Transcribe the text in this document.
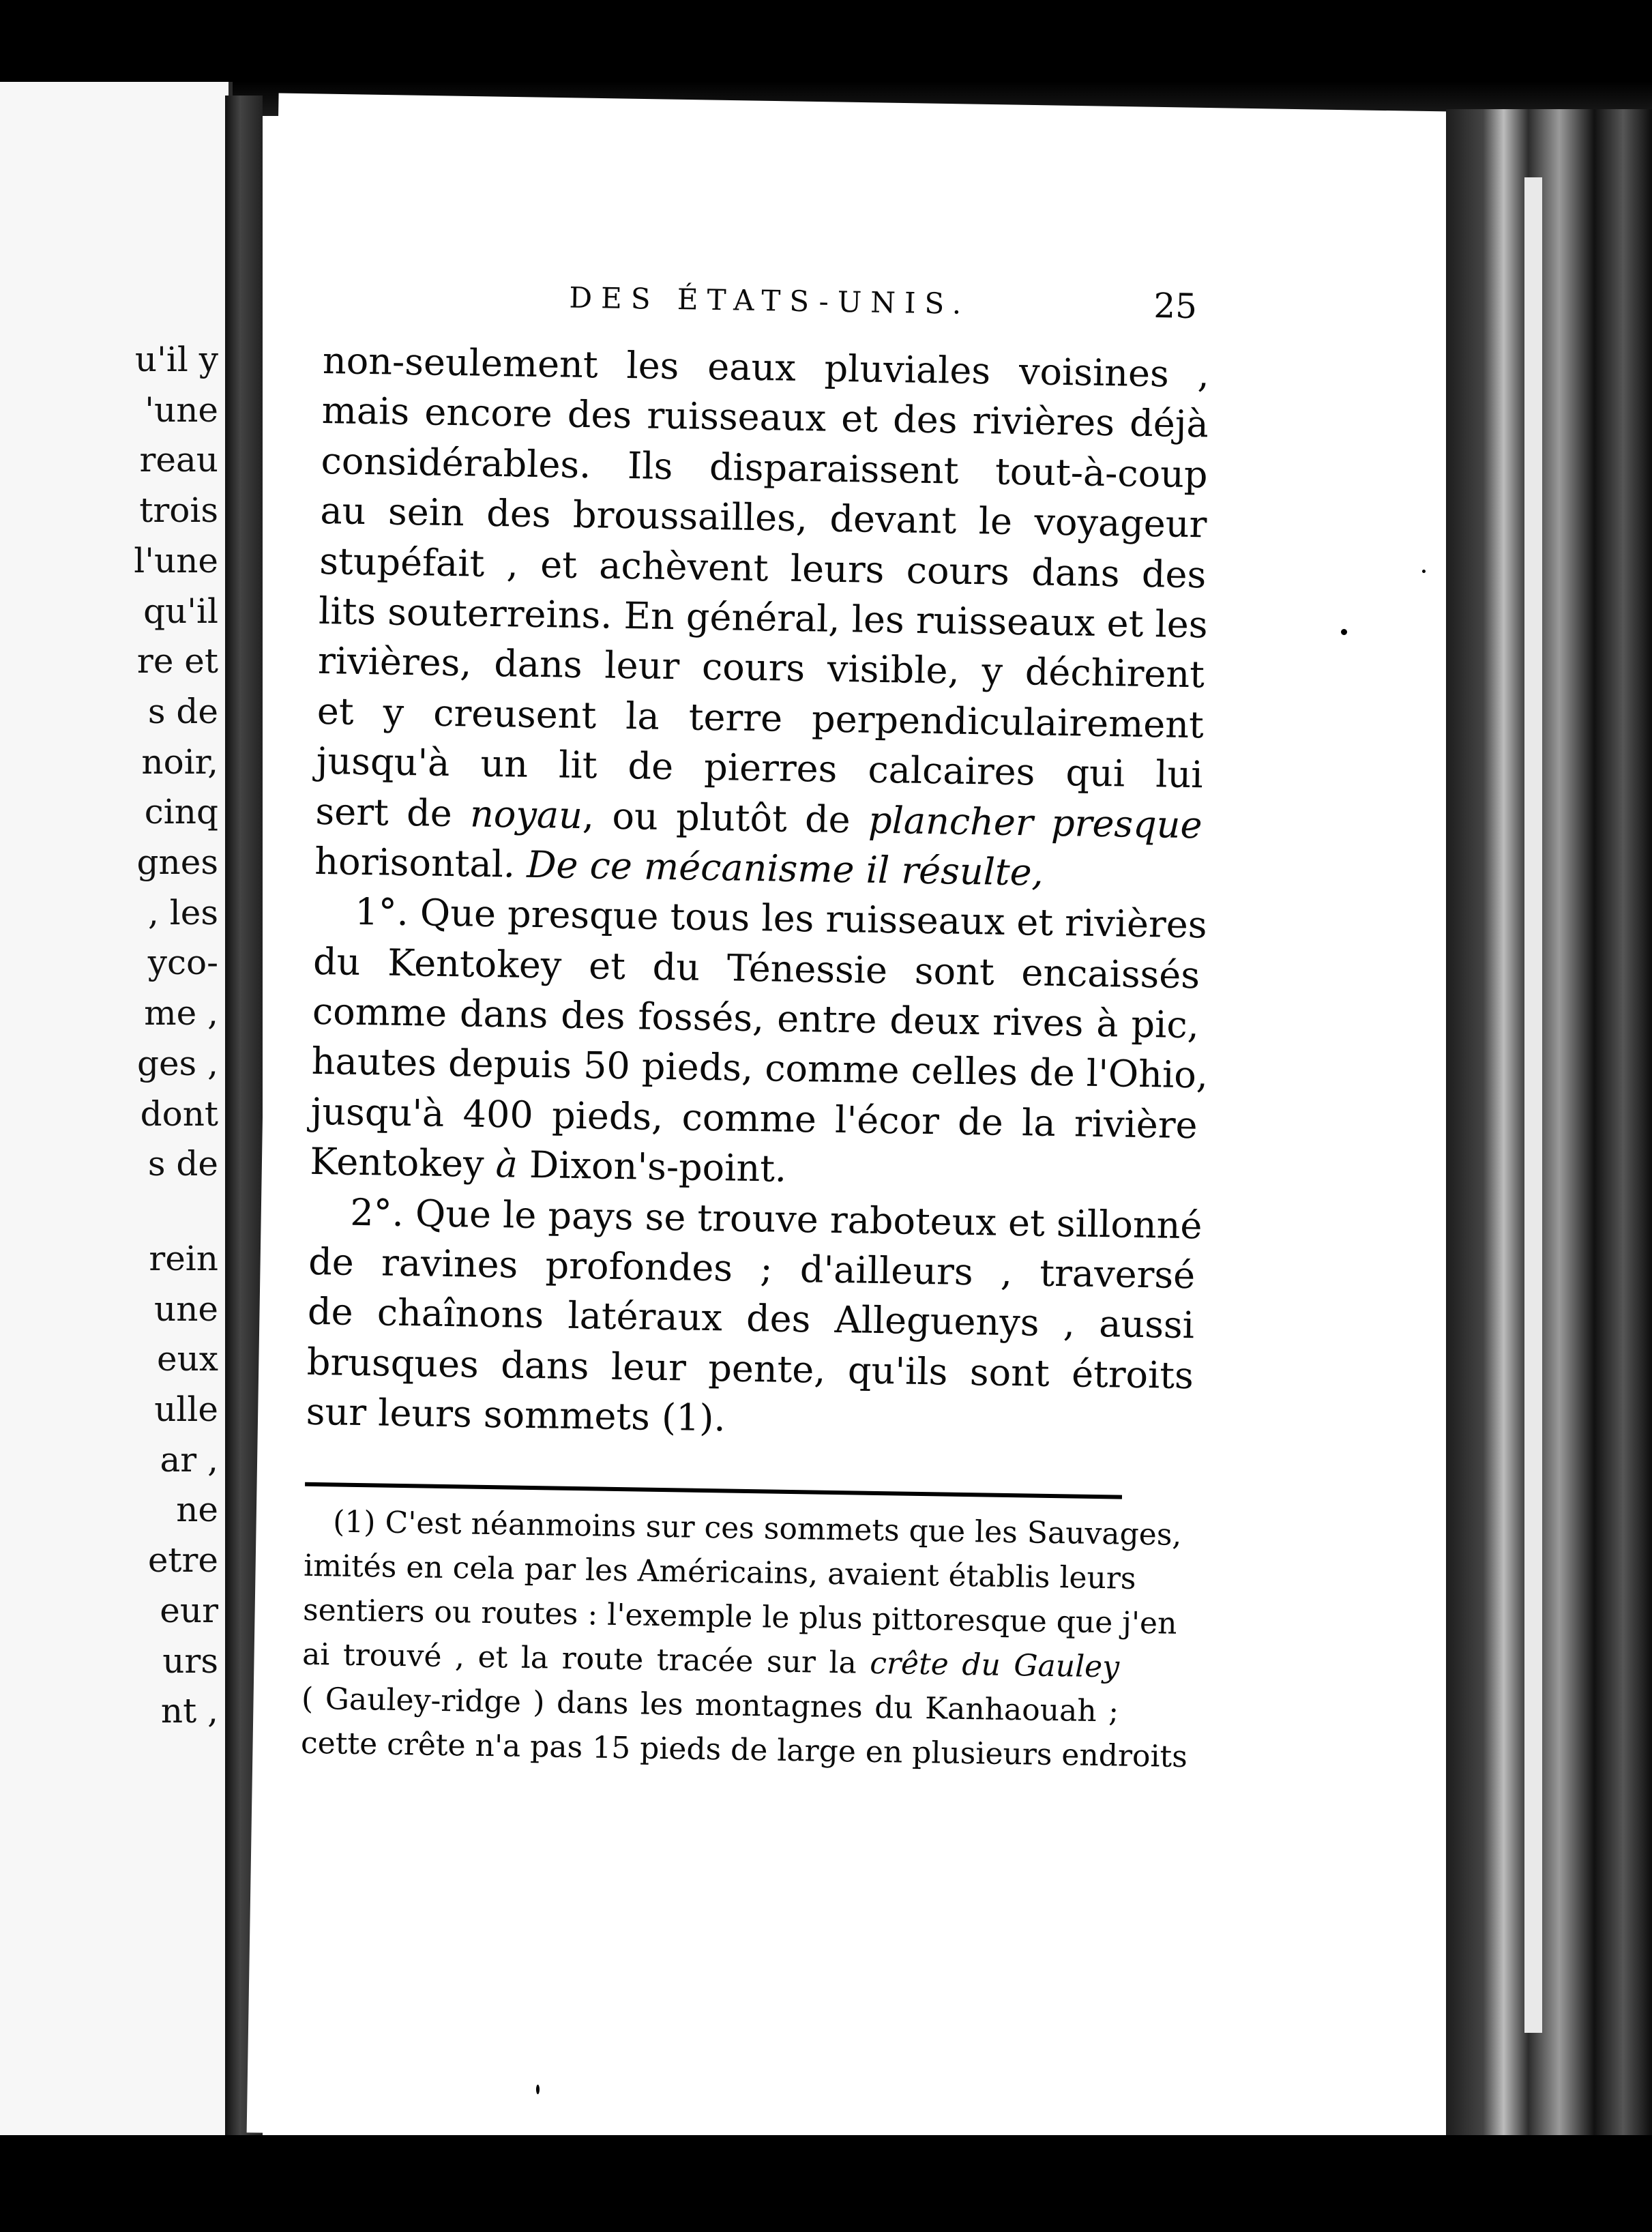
u'il y
'une
reau
trois
l'une
qu'il
re et
s de
noir,
cinq
gnes
, les
yco-
me ,
ges ,
dont
s de
rein
une
eux
ulle
ar ,
ne
etre
eur
urs
nt ,
DES ÉTATS-UNIS.	25
non-seulement les eaux pluviales voisines ,
mais encore des ruisseaux et des rivières déjà
considérables. Ils disparaissent tout-à-coup
au sein des broussailles, devant le voyageur
stupéfait , et achèvent leurs cours dans des
lits souterreins. En général, les ruisseaux et les
rivières, dans leur cours visible, y déchirent
et y creusent la terre perpendiculairement
jusqu'à un lit de pierres calcaires qui lui
sert de noyau, ou plutôt de plancher presque
horisontal. De ce mécanisme il résulte,
1°. Que presque tous les ruisseaux et rivières
du Kentokey et du Ténessie sont encaissés
comme dans des fossés, entre deux rives à pic,
hautes depuis 50 pieds, comme celles de l'Ohio,
jusqu'à 400 pieds, comme l'écor de la rivière
Kentokey à Dixon's-point.
2°. Que le pays se trouve raboteux et sillonné
de ravines profondes ; d'ailleurs , traversé
de chaînons latéraux des Alleguenys , aussi
brusques dans leur pente, qu'ils sont étroits
sur leurs sommets (1).
(1) C'est néanmoins sur ces sommets que les Sauvages,
imités en cela par les Américains, avaient établis leurs
sentiers ou routes : l'exemple le plus pittoresque que j'en
ai trouvé , et la route tracée sur la crête du Gauley
( Gauley-ridge ) dans les montagnes du Kanhaouah ;
cette crête n'a pas 15 pieds de large en plusieurs endroits
